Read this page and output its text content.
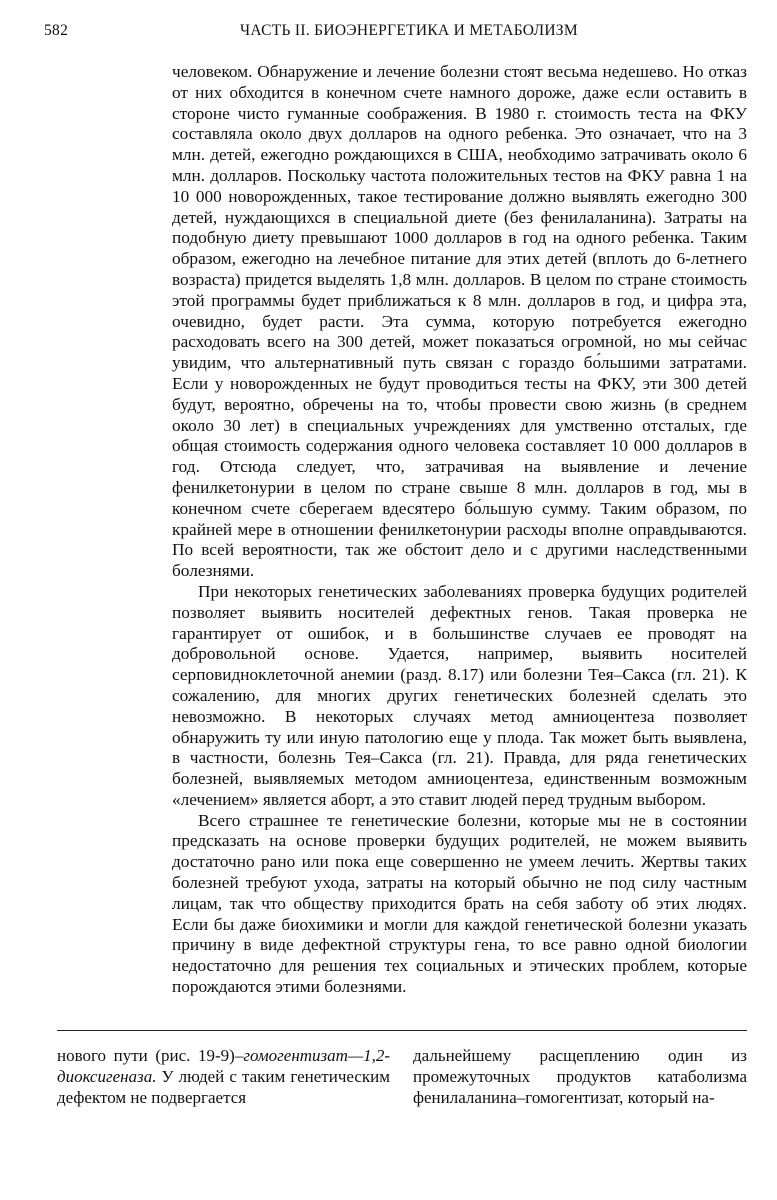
582	ЧАСТЬ II. БИОЭНЕРГЕТИКА И МЕТАБОЛИЗМ

человеком. Обнаружение и лечение болезни стоят весьма недешево. Но отказ от них обходится в конечном счете намного дороже, даже если оставить в стороне чисто гуманные соображения. В 1980 г. стоимость теста на ФКУ составляла около двух долларов на одного ребенка. Это означает, что на 3 млн. детей, ежегодно рождающихся в США, необходимо затрачивать около 6 млн. долларов. Поскольку частота положительных тестов на ФКУ равна 1 на 10 000 новорожденных, такое тестирование должно выявлять ежегодно 300 детей, нуждающихся в специальной диете (без фенилаланина). Затраты на подобную диету превышают 1000 долларов в год на одного ребенка. Таким образом, ежегодно на лечебное питание для этих детей (вплоть до 6-летнего возраста) придется выделять 1,8 млн. долларов. В целом по стране стоимость этой программы будет приближаться к 8 млн. долларов в год, и цифра эта, очевидно, будет расти. Эта сумма, которую потребуется ежегодно расходовать всего на 300 детей, может показаться огромной, но мы сейчас увидим, что альтернативный путь связан с гораздо бо́льшими затратами. Если у новорожденных не будут проводиться тесты на ФКУ, эти 300 детей будут, вероятно, обречены на то, чтобы провести свою жизнь (в среднем около 30 лет) в специальных учреждениях для умственно отсталых, где общая стоимость содержания одного человека составляет 10 000 долларов в год. Отсюда следует, что, затрачивая на выявление и лечение фенилкетонурии в целом по стране свыше 8 млн. долларов в год, мы в конечном счете сберегаем вдесятеро бо́льшую сумму. Таким образом, по крайней мере в отношении фенилкетонурии расходы вполне оправдываются. По всей вероятности, так же обстоит дело и с другими наследственными болезнями.

При некоторых генетических заболеваниях проверка будущих родителей позволяет выявить носителей дефектных генов. Такая проверка не гарантирует от ошибок, и в большинстве случаев ее проводят на добровольной основе. Удается, например, выявить носителей серповидноклеточной анемии (разд. 8.17) или болезни Тея–Сакса (гл. 21). К сожалению, для многих других генетических болезней сделать это невозможно. В некоторых случаях метод амниоцентеза позволяет обнаружить ту или иную патологию еще у плода. Так может быть выявлена, в частности, болезнь Тея–Сакса (гл. 21). Правда, для ряда генетических болезней, выявляемых методом амниоцентеза, единственным возможным «лечением» является аборт, а это ставит людей перед трудным выбором.

Всего страшнее те генетические болезни, которые мы не в состоянии предсказать на основе проверки будущих родителей, не можем выявить достаточно рано или пока еще совершенно не умеем лечить. Жертвы таких болезней требуют ухода, затраты на который обычно не под силу частным лицам, так что обществу приходится брать на себя заботу об этих людях. Если бы даже биохимики и могли для каждой генетической болезни указать причину в виде дефектной структуры гена, то все равно одной биологии недостаточно для решения тех социальных и этических проблем, которые порождаются этими болезнями.

нового пути (рис. 19-9)–гомогентизат—1,2-диоксигеназа. У людей с таким генетическим дефектом не подвергается

дальнейшему расщеплению один из промежуточных продуктов катаболизма фенилаланина–гомогентизат, который на-
